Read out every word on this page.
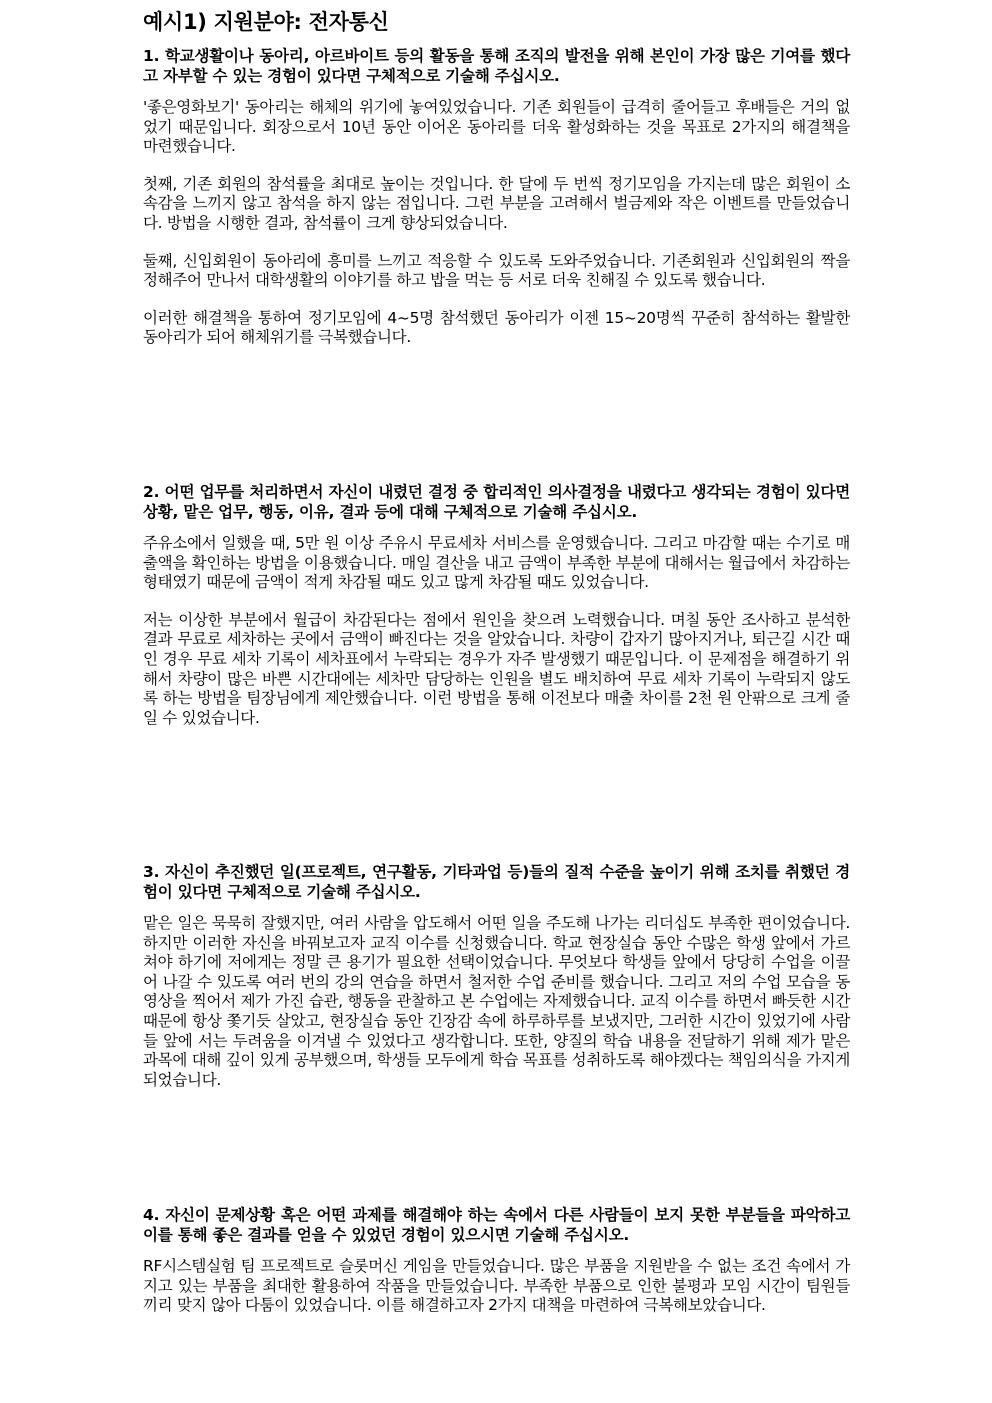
예시1) 지원분야: 전자통신

1. 학교생활이나 동아리, 아르바이트 등의 활동을 통해 조직의 발전을 위해 본인이 가장 많은 기여를 했다고 자부할 수 있는 경험이 있다면 구체적으로 기술해 주십시오.

'좋은영화보기' 동아리는 해체의 위기에 놓여있었습니다. 기존 회원들이 급격히 줄어들고 후배들은 거의 없었기 때문입니다. 회장으로서 10년 동안 이어온 동아리를 더욱 활성화하는 것을 목표로 2가지의 해결책을 마련했습니다.

첫째, 기존 회원의 참석률을 최대로 높이는 것입니다. 한 달에 두 번씩 정기모임을 가지는데 많은 회원이 소속감을 느끼지 않고 참석을 하지 않는 점입니다. 그런 부분을 고려해서 벌금제와 작은 이벤트를 만들었습니다. 방법을 시행한 결과, 참석률이 크게 향상되었습니다.

둘째, 신입회원이 동아리에 흥미를 느끼고 적응할 수 있도록 도와주었습니다. 기존회원과 신입회원의 짝을 정해주어 만나서 대학생활의 이야기를 하고 밥을 먹는 등 서로 더욱 친해질 수 있도록 했습니다.

이러한 해결책을 통하여 정기모임에 4~5명 참석했던 동아리가 이젠 15~20명씩 꾸준히 참석하는 활발한 동아리가 되어 해체위기를 극복했습니다.

2. 어떤 업무를 처리하면서 자신이 내렸던 결정 중 합리적인 의사결정을 내렸다고 생각되는 경험이 있다면 상황, 맡은 업무, 행동, 이유, 결과 등에 대해 구체적으로 기술해 주십시오.

주유소에서 일했을 때, 5만 원 이상 주유시 무료세차 서비스를 운영했습니다. 그리고 마감할 때는 수기로 매출액을 확인하는 방법을 이용했습니다. 매일 결산을 내고 금액이 부족한 부분에 대해서는 월급에서 차감하는 형태였기 때문에 금액이 적게 차감될 때도 있고 많게 차감될 때도 있었습니다.

저는 이상한 부분에서 월급이 차감된다는 점에서 원인을 찾으려 노력했습니다. 며칠 동안 조사하고 분석한 결과 무료로 세차하는 곳에서 금액이 빠진다는 것을 알았습니다. 차량이 갑자기 많아지거나, 퇴근길 시간 때인 경우 무료 세차 기록이 세차표에서 누락되는 경우가 자주 발생했기 때문입니다. 이 문제점을 해결하기 위해서 차량이 많은 바쁜 시간대에는 세차만 담당하는 인원을 별도 배치하여 무료 세차 기록이 누락되지 않도록 하는 방법을 팀장님에게 제안했습니다. 이런 방법을 통해 이전보다 매출 차이를 2천 원 안팎으로 크게 줄일 수 있었습니다.

3. 자신이 추진했던 일(프로젝트, 연구활동, 기타과업 등)들의 질적 수준을 높이기 위해 조치를 취했던 경험이 있다면 구체적으로 기술해 주십시오.

맡은 일은 묵묵히 잘했지만, 여러 사람을 압도해서 어떤 일을 주도해 나가는 리더십도 부족한 편이었습니다. 하지만 이러한 자신을 바꿔보고자 교직 이수를 신청했습니다. 학교 현장실습 동안 수많은 학생 앞에서 가르쳐야 하기에 저에게는 정말 큰 용기가 필요한 선택이었습니다. 무엇보다 학생들 앞에서 당당히 수업을 이끌어 나갈 수 있도록 여러 번의 강의 연습을 하면서 철저한 수업 준비를 했습니다. 그리고 저의 수업 모습을 동영상을 찍어서 제가 가진 습관, 행동을 관찰하고 본 수업에는 자제했습니다. 교직 이수를 하면서 빠듯한 시간 때문에 항상 쫓기듯 살았고, 현장실습 동안 긴장감 속에 하루하루를 보냈지만, 그러한 시간이 있었기에 사람들 앞에 서는 두려움을 이겨낼 수 있었다고 생각합니다. 또한, 양질의 학습 내용을 전달하기 위해 제가 맡은 과목에 대해 깊이 있게 공부했으며, 학생들 모두에게 학습 목표를 성취하도록 해야겠다는 책임의식을 가지게 되었습니다.

4. 자신이 문제상황 혹은 어떤 과제를 해결해야 하는 속에서 다른 사람들이 보지 못한 부분들을 파악하고 이를 통해 좋은 결과를 얻을 수 있었던 경험이 있으시면 기술해 주십시오.

RF시스템실험 팀 프로젝트로 슬롯머신 게임을 만들었습니다. 많은 부품을 지원받을 수 없는 조건 속에서 가지고 있는 부품을 최대한 활용하여 작품을 만들었습니다. 부족한 부품으로 인한 불평과 모임 시간이 팀원들끼리 맞지 않아 다툼이 있었습니다. 이를 해결하고자 2가지 대책을 마련하여 극복해보았습니다.
